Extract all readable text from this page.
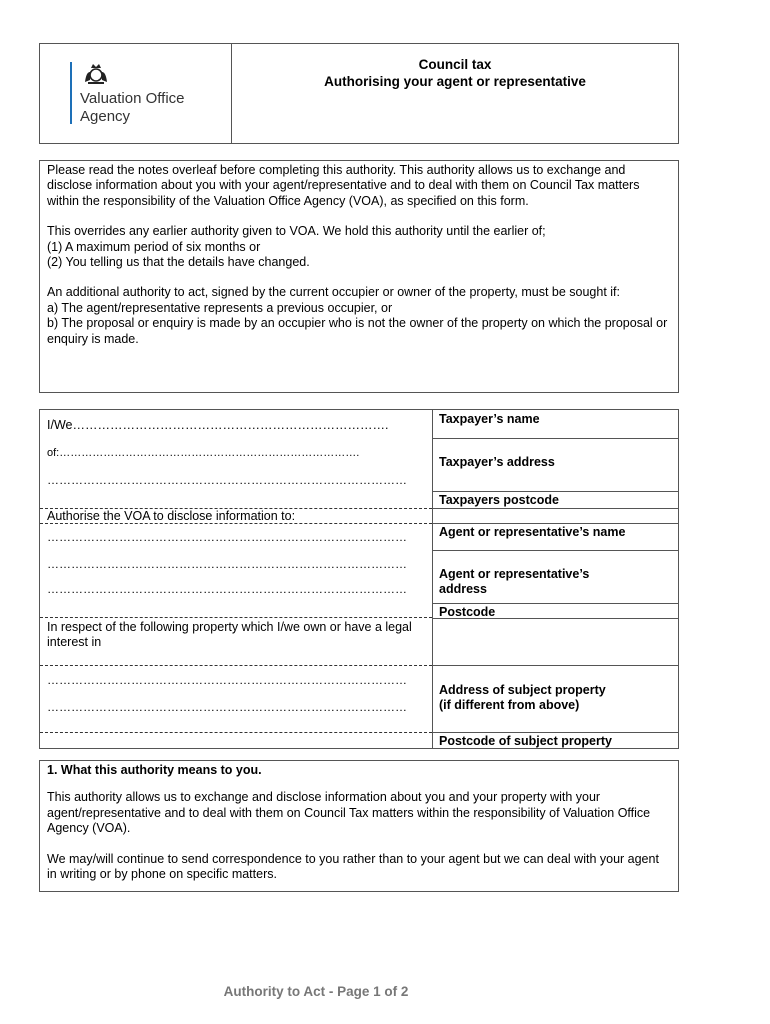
Valuation Office
Agency
Council tax
Authorising your agent or representative

Please read the notes overleaf before completing this authority. This authority allows us to exchange and disclose information about you with your agent/representative and to deal with them on Council Tax matters within the responsibility of the Valuation Office Agency (VOA), as specified on this form.

This overrides any earlier authority given to VOA. We hold this authority until the earlier of;

(1) A maximum period of six months or

(2) You telling us that the details have changed.

An additional authority to act, signed by the current occupier or owner of the property, must be sought if:

a) The agent/representative represents a previous occupier, or

b) The proposal or enquiry is made by an occupier who is not the owner of the property on which the proposal or enquiry is made.

I/We………………………………………………………………….
of:……………………………………………………………………….
………………………………………………………………………………
Authorise the VOA to disclose information to:
………………………………………………………………………………
………………………………………………………………………………
………………………………………………………………………………
In respect of the following property which I/we own or have a legal interest in
………………………………………………………………………………
………………………………………………………………………………
Taxpayer’s name
Taxpayer’s address
Taxpayers postcode
Agent or representative’s name
Agent or representative’s
address
Postcode
Address of subject property
(if different from above)
Postcode of subject property

1. What this authority means to you.

This authority allows us to exchange and disclose information about you and your property with your agent/representative and to deal with them on Council Tax matters within the responsibility of Valuation Office Agency (VOA).

We may/will continue to send correspondence to you rather than to your agent but we can deal with your agent in writing or by phone on specific matters.

Authority to Act - Page 1 of 2
